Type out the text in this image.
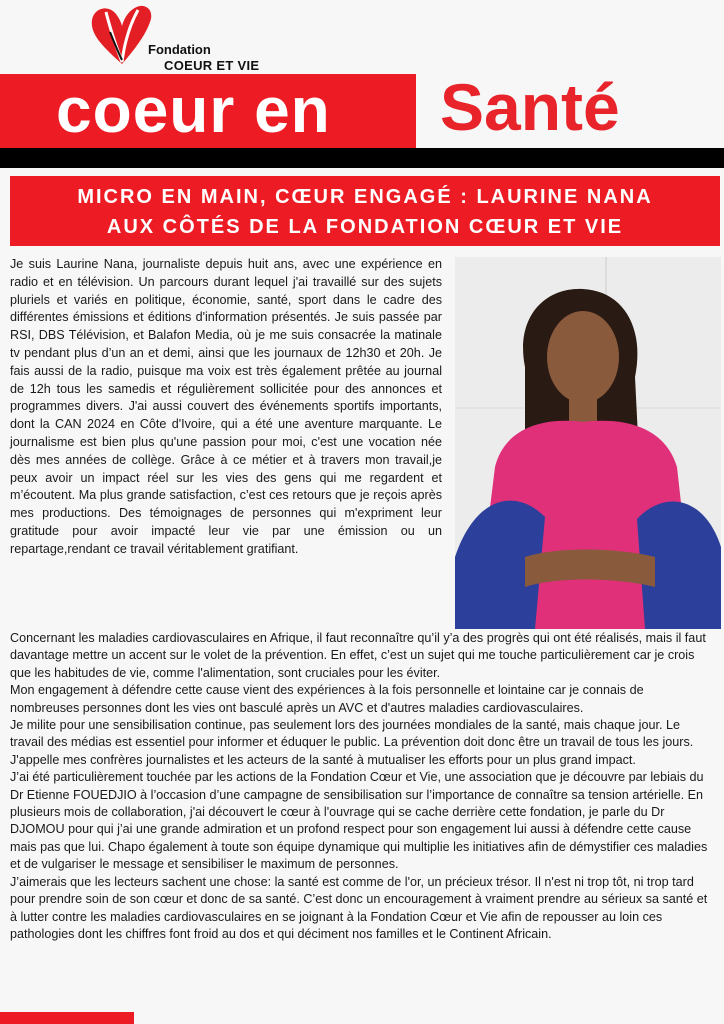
Fondation
COEUR ET VIE
coeur en Santé
MICRO EN MAIN, CŒUR ENGAGÉ : LAURINE NANA
AUX CÔTÉS DE LA FONDATION CŒUR ET VIE
Je suis Laurine Nana, journaliste depuis huit ans, avec une expérience en radio et en télévision. Un parcours durant lequel j'ai travaillé sur des sujets pluriels et variés en politique, économie, santé, sport dans le cadre des différentes émissions et éditions d'information présentés. Je suis passée par RSI, DBS Télévision, et Balafon Media, où je me suis consacrée la matinale tv pendant plus d’un an et demi, ainsi que les journaux de 12h30 et 20h. Je fais aussi de la radio, puisque ma voix est très également prêtée au journal de 12h tous les samedis et régulièrement sollicitée pour des annonces et programmes divers. J'ai aussi couvert des événements sportifs importants, dont la CAN 2024 en Côte d'Ivoire, qui a été une aventure marquante. Le journalisme est bien plus qu'une passion pour moi, c'est une vocation née dès mes années de collège. Grâce à ce métier et à travers mon travail,je peux avoir un impact réel sur les vies des gens qui me regardent et m’écoutent. Ma plus grande satisfaction, c’est ces retours que je reçois après mes productions. Des témoignages de personnes qui m'expriment leur gratitude pour avoir impacté leur vie par une émission ou un repartage,rendant ce travail véritablement gratifiant.

Concernant les maladies cardiovasculaires en Afrique, il faut reconnaître qu’il y’a des progrès qui ont été réalisés, mais il faut davantage mettre un accent sur le volet de la prévention. En effet, c’est un sujet qui me touche particulièrement car je crois que les habitudes de vie, comme l'alimentation, sont cruciales pour les éviter.

Mon engagement à défendre cette cause vient des expériences à la fois personnelle et lointaine car je connais de nombreuses personnes dont les vies ont basculé après un AVC et d'autres maladies cardiovasculaires.

Je milite pour une sensibilisation continue, pas seulement lors des journées mondiales de la santé, mais chaque jour. Le travail des médias est essentiel pour informer et éduquer le public. La prévention doit donc être un travail de tous les jours. J'appelle mes confrères journalistes et les acteurs de la santé à mutualiser les efforts pour un plus grand impact.

J’ai été particulièrement touchée par les actions de la Fondation Cœur et Vie, une association que je découvre par lebiais du Dr Etienne FOUEDJIO à l’occasion d’une campagne de sensibilisation sur l’importance de connaître sa tension artérielle. En plusieurs mois de collaboration, j'ai découvert le cœur à l'ouvrage qui se cache derrière cette fondation, je parle du Dr DJOMOU pour qui j’ai une grande admiration et un profond respect pour son engagement lui aussi à défendre cette cause mais pas que lui. Chapo également à toute son équipe dynamique qui multiplie les initiatives afin de démystifier ces maladies et de vulgariser le message et sensibiliser le maximum de personnes.

J’aimerais que les lecteurs sachent une chose: la santé est comme de l'or, un précieux trésor. Il n'est ni trop tôt, ni trop tard pour prendre soin de son cœur et donc de sa santé. C’est donc un encouragement à vraiment prendre au sérieux sa santé et à lutter contre les maladies cardiovasculaires en se joignant à la Fondation Cœur et Vie afin de repousser au loin ces pathologies dont les chiffres font froid au dos et qui déciment nos familles et le Continent Africain.
